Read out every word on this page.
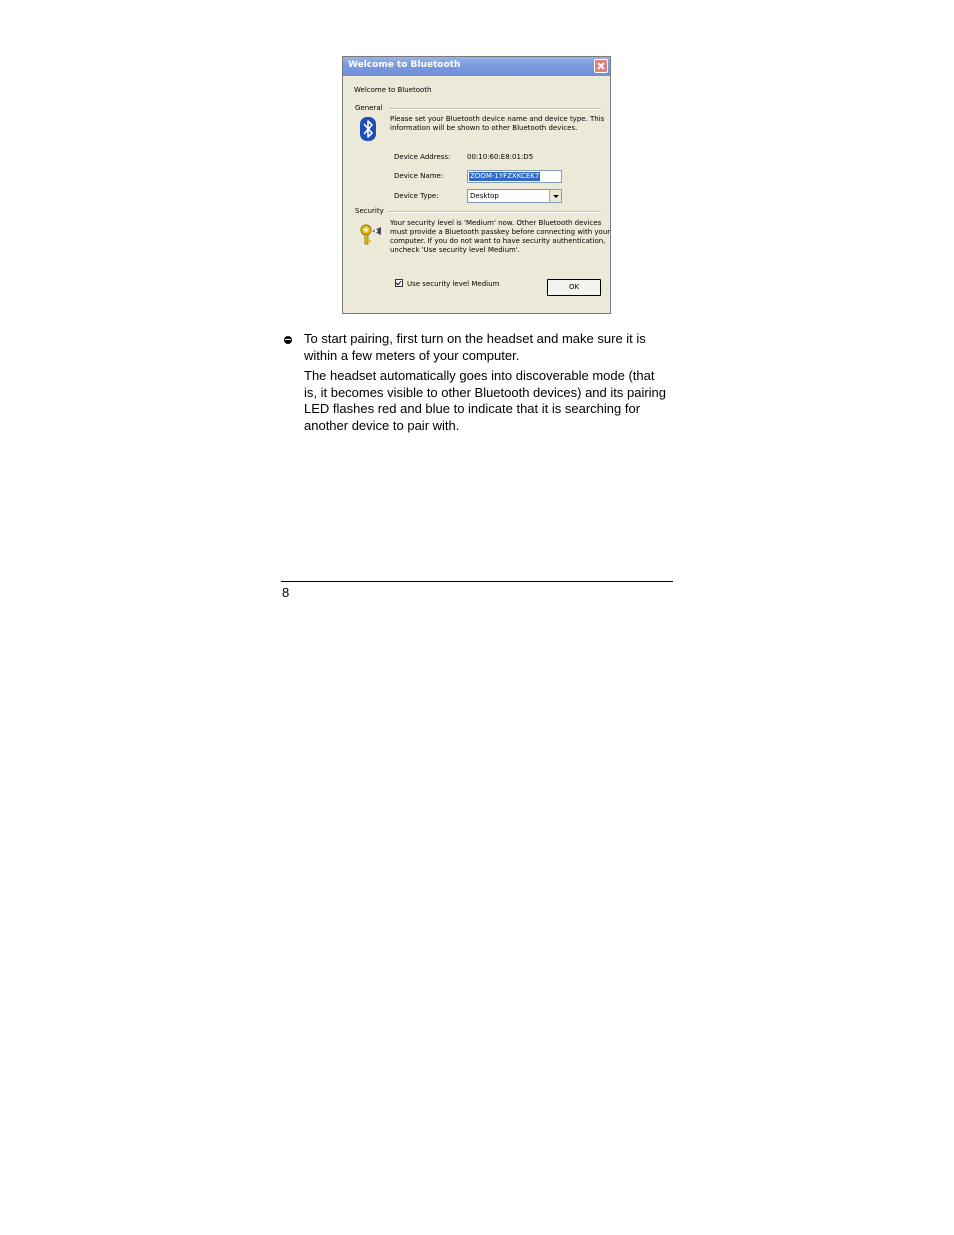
Welcome to Bluetooth
Welcome to Bluetooth
General
Please set your Bluetooth device name and device type. This
information will be shown to other Bluetooth devices.
Device Address: 00:10:60:E8:01:D5
Device Name:	ZOOM-1YFZXKCEK7
Device Type:	Desktop
Security
Your security level is 'Medium' now. Other Bluetooth devices
must provide a Bluetooth passkey before connecting with your
computer. If you do not want to have security authentication,
uncheck 'Use security level Medium'.
Use security level Medium	OK

To start pairing, first turn on the headset and make sure it is within a few meters of your computer.

The headset automatically goes into discoverable mode (that is, it becomes visible to other Bluetooth devices) and its pairing LED flashes red and blue to indicate that it is searching for another device to pair with.

8
